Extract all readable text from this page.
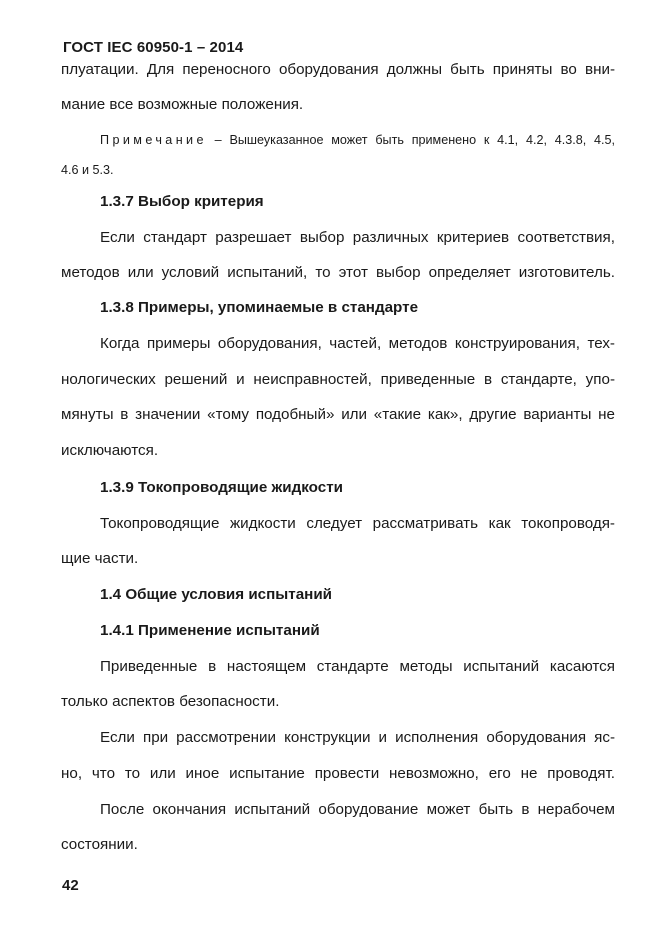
ГОСТ IEC 60950-1 – 2014
плуатации. Для переносного оборудования должны быть приняты во вни-
мание все возможные положения.
Примечание – Вышеуказанное может быть применено к 4.1, 4.2, 4.3.8, 4.5,
4.6 и 5.3.
1.3.7 Выбор критерия
Если стандарт разрешает выбор различных критериев соответствия,
методов или условий испытаний, то этот выбор определяет изготовитель.
1.3.8 Примеры, упоминаемые в стандарте
Когда примеры оборудования, частей, методов конструирования, тех-
нологических решений и неисправностей, приведенные в стандарте, упо-
мянуты в значении «тому подобный» или «такие как», другие варианты не
исключаются.
1.3.9 Токопроводящие жидкости
Токопроводящие жидкости следует рассматривать как токопроводя-
щие части.
1.4 Общие условия испытаний
1.4.1 Применение испытаний
Приведенные в настоящем стандарте методы испытаний касаются
только аспектов безопасности.
Если при рассмотрении конструкции и исполнения оборудования яс-
но, что то или иное испытание провести невозможно, его не проводят.
После окончания испытаний оборудование может быть в нерабочем
состоянии.
42
